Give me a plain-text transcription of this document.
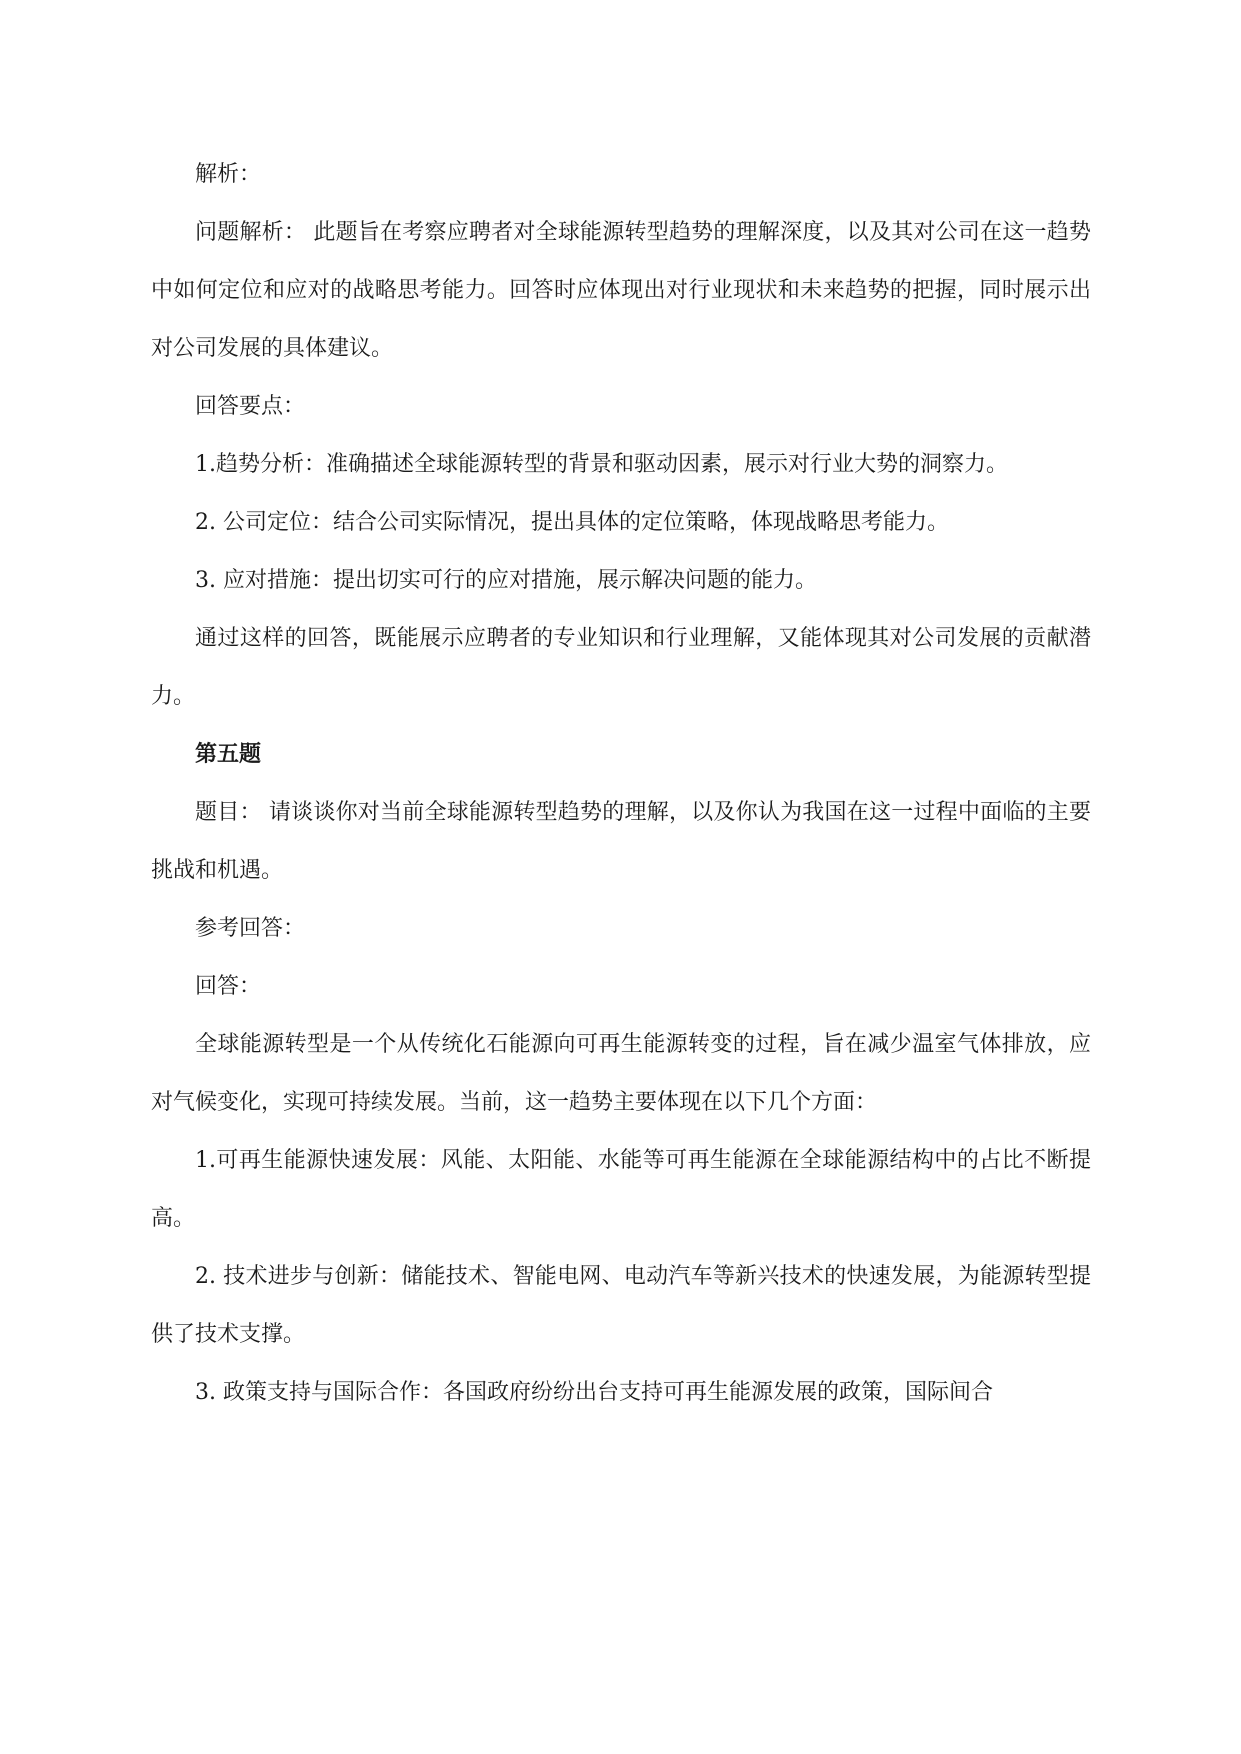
解析：

问题解析： 此题旨在考察应聘者对全球能源转型趋势的理解深度，以及其对公司在这一趋势中如何定位和应对的战略思考能力。回答时应体现出对行业现状和未来趋势的把握，同时展示出对公司发展的具体建议。

回答要点：

1.趋势分析：准确描述全球能源转型的背景和驱动因素，展示对行业大势的洞察力。

2. 公司定位：结合公司实际情况，提出具体的定位策略，体现战略思考能力。

3. 应对措施：提出切实可行的应对措施，展示解决问题的能力。

通过这样的回答，既能展示应聘者的专业知识和行业理解，又能体现其对公司发展的贡献潜力。

第五题

题目： 请谈谈你对当前全球能源转型趋势的理解，以及你认为我国在这一过程中面临的主要挑战和机遇。

参考回答：

回答：

全球能源转型是一个从传统化石能源向可再生能源转变的过程，旨在减少温室气体排放，应对气候变化，实现可持续发展。当前，这一趋势主要体现在以下几个方面：

1.可再生能源快速发展：风能、太阳能、水能等可再生能源在全球能源结构中的占比不断提高。

2. 技术进步与创新：储能技术、智能电网、电动汽车等新兴技术的快速发展，为能源转型提供了技术支撑。

3. 政策支持与国际合作：各国政府纷纷出台支持可再生能源发展的政策，国际间合
